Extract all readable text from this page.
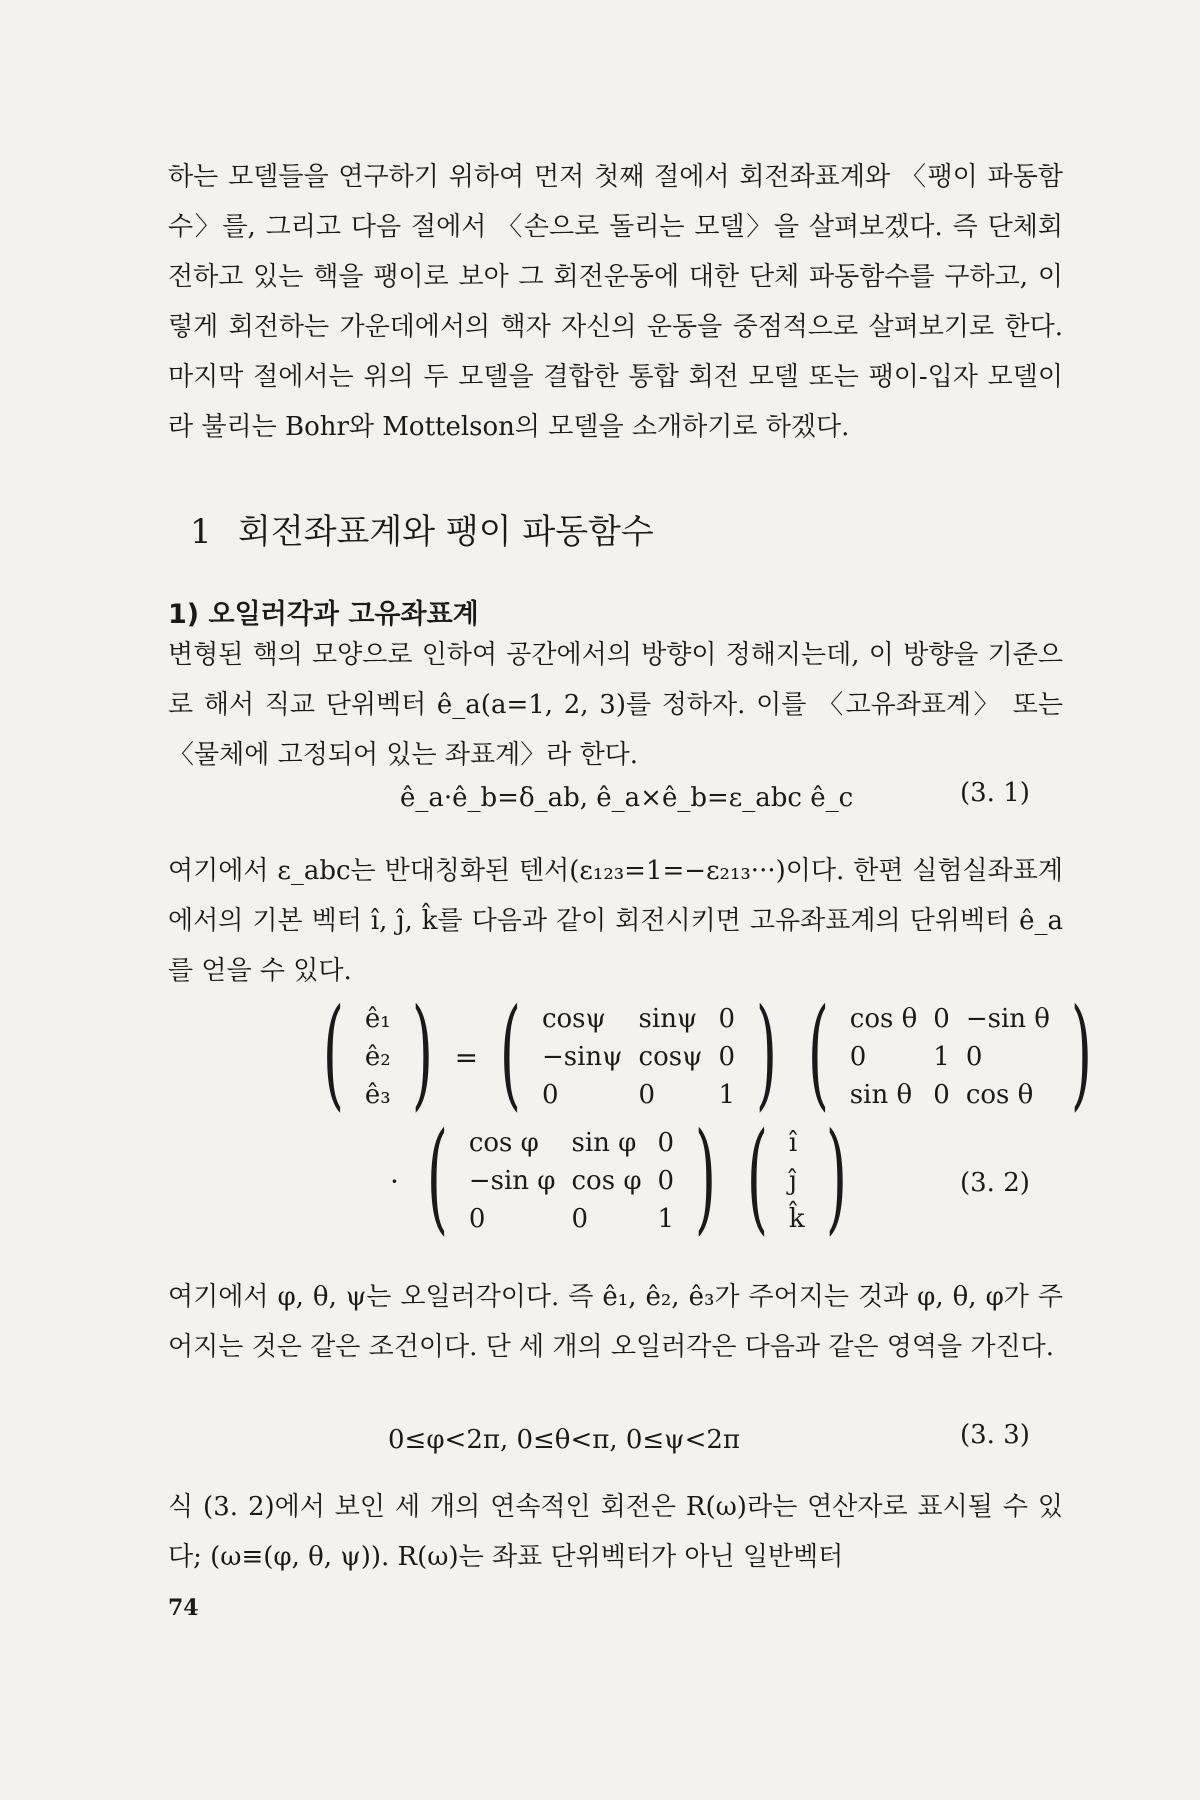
하는 모델들을 연구하기 위하여 먼저 첫째 절에서 회전좌표계와 〈팽이 파동함수〉를, 그리고 다음 절에서 〈손으로 돌리는 모델〉을 살펴보겠다. 즉 단체회전하고 있는 핵을 팽이로 보아 그 회전운동에 대한 단체 파동함수를 구하고, 이렇게 회전하는 가운데에서의 핵자 자신의 운동을 중점적으로 살펴보기로 한다. 마지막 절에서는 위의 두 모델을 결합한 통합 회전 모델 또는 팽이-입자 모델이라 불리는 Bohr와 Mottelson의 모델을 소개하기로 하겠다.

1 회전좌표계와 팽이 파동함수
1) 오일러각과 고유좌표계

변형된 핵의 모양으로 인하여 공간에서의 방향이 정해지는데, 이 방향을 기준으로 해서 직교 단위벡터 ê_a(a=1, 2, 3)를 정하자. 이를 〈고유좌표계〉 또는 〈물체에 고정되어 있는 좌표계〉라 한다.

ê_a·ê_b=δ_ab, ê_a×ê_b=ε_abc ê_c	(3. 1)

여기에서 ε_abc는 반대칭화된 텐서(ε₁₂₃=1=−ε₂₁₃···)이다. 한편 실험실좌표계에서의 기본 벡터 î, ĵ, k̂를 다음과 같이 회전시키면 고유좌표계의 단위벡터 ê_a를 얻을 수 있다.

( ê₁
ê₂
ê₃ ) = ( cosψ	sinψ	0
−sinψ	cosψ	0
0	0	1 )
( cos θ	0	−sin θ
0	1	0
sin θ	0	cos θ )
· ( cos φ	sin φ	0
−sin φ	cos φ	0
0	0	1 )
( î
ĵ
k̂ )	(3. 2)

여기에서 φ, θ, ψ는 오일러각이다. 즉 ê₁, ê₂, ê₃가 주어지는 것과 φ, θ, φ가 주어지는 것은 같은 조건이다. 단 세 개의 오일러각은 다음과 같은 영역을 가진다.

0≤φ<2π, 0≤θ<π, 0≤ψ<2π	(3. 3)

식 (3. 2)에서 보인 세 개의 연속적인 회전은 R(ω)라는 연산자로 표시될 수 있다; (ω≡(φ, θ, ψ)). R(ω)는 좌표 단위벡터가 아닌 일반벡터

74
